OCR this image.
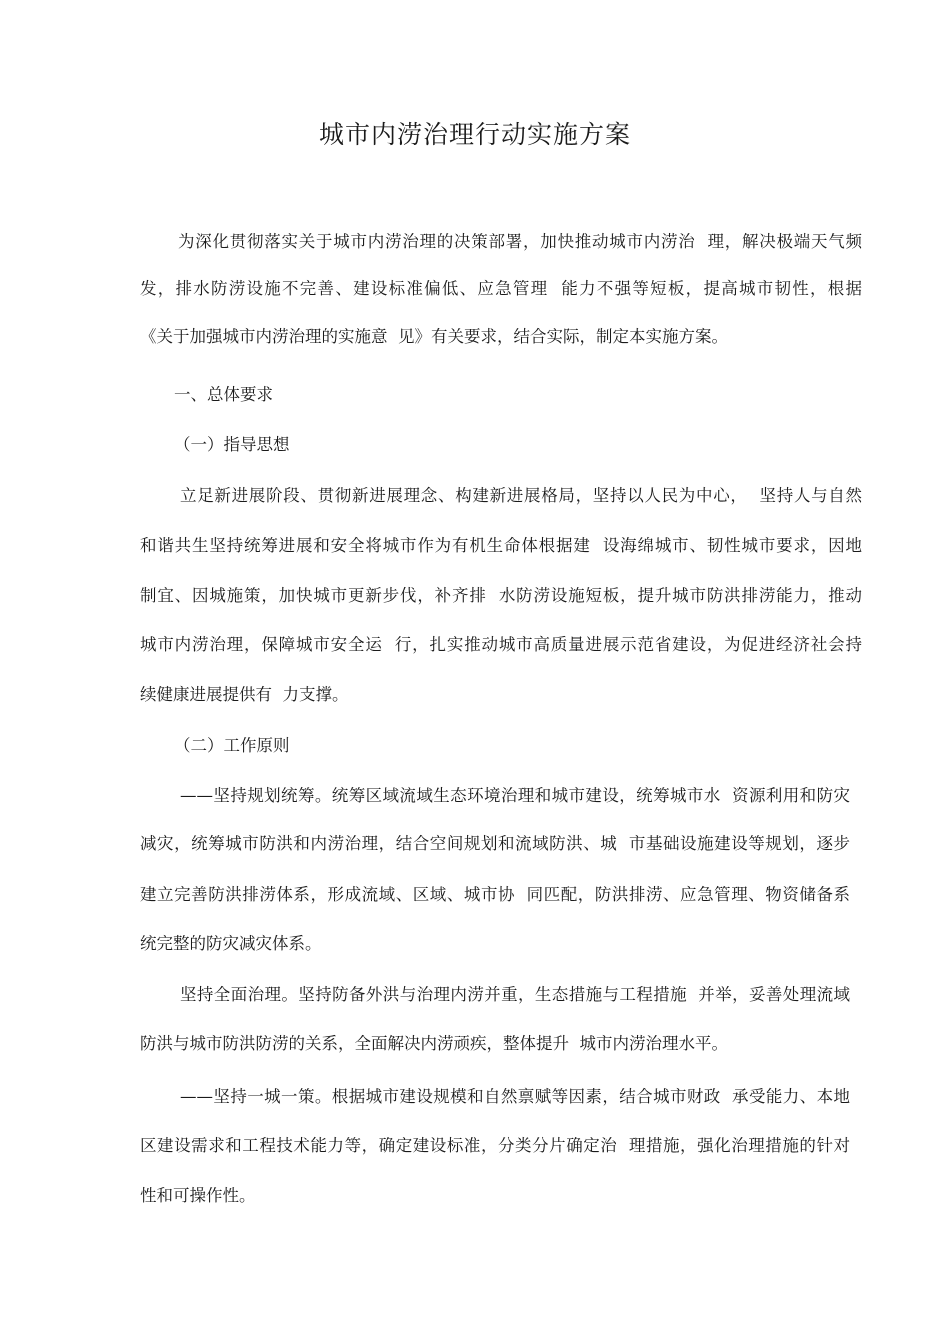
城市内涝治理行动实施方案
为深化贯彻落实关于城市内涝治理的决策部署，加快推动城市内涝治  理，解决极端天气频
发，排水防涝设施不完善、建设标准偏低、应急管理  能力不强等短板，提高城市韧性，根据
《关于加强城市内涝治理的实施意  见》有关要求，结合实际，制定本实施方案。
一、总体要求
（一）指导思想
立足新进展阶段、贯彻新进展理念、构建新进展格局，坚持以人民为中心，  坚持人与自然
和谐共生坚持统筹进展和安全将城市作为有机生命体根据建  设海绵城市、韧性城市要求，因地
制宜、因城施策，加快城市更新步伐，补齐排  水防涝设施短板，提升城市防洪排涝能力，推动
城市内涝治理，保障城市安全运  行，扎实推动城市高质量进展示范省建设，为促进经济社会持
续健康进展提供有  力支撑。
（二）工作原则
——坚持规划统筹。统筹区域流域生态环境治理和城市建设，统筹城市水  资源利用和防灾
减灾，统筹城市防洪和内涝治理，结合空间规划和流域防洪、城  市基础设施建设等规划，逐步
建立完善防洪排涝体系，形成流域、区域、城市协  同匹配，防洪排涝、应急管理、物资储备系
统完整的防灾减灾体系。
坚持全面治理。坚持防备外洪与治理内涝并重，生态措施与工程措施  并举，妥善处理流域
防洪与城市防洪防涝的关系，全面解决内涝顽疾，整体提升  城市内涝治理水平。
——坚持一城一策。根据城市建设规模和自然禀赋等因素，结合城市财政  承受能力、本地
区建设需求和工程技术能力等，确定建设标准，分类分片确定治  理措施，强化治理措施的针对
性和可操作性。
